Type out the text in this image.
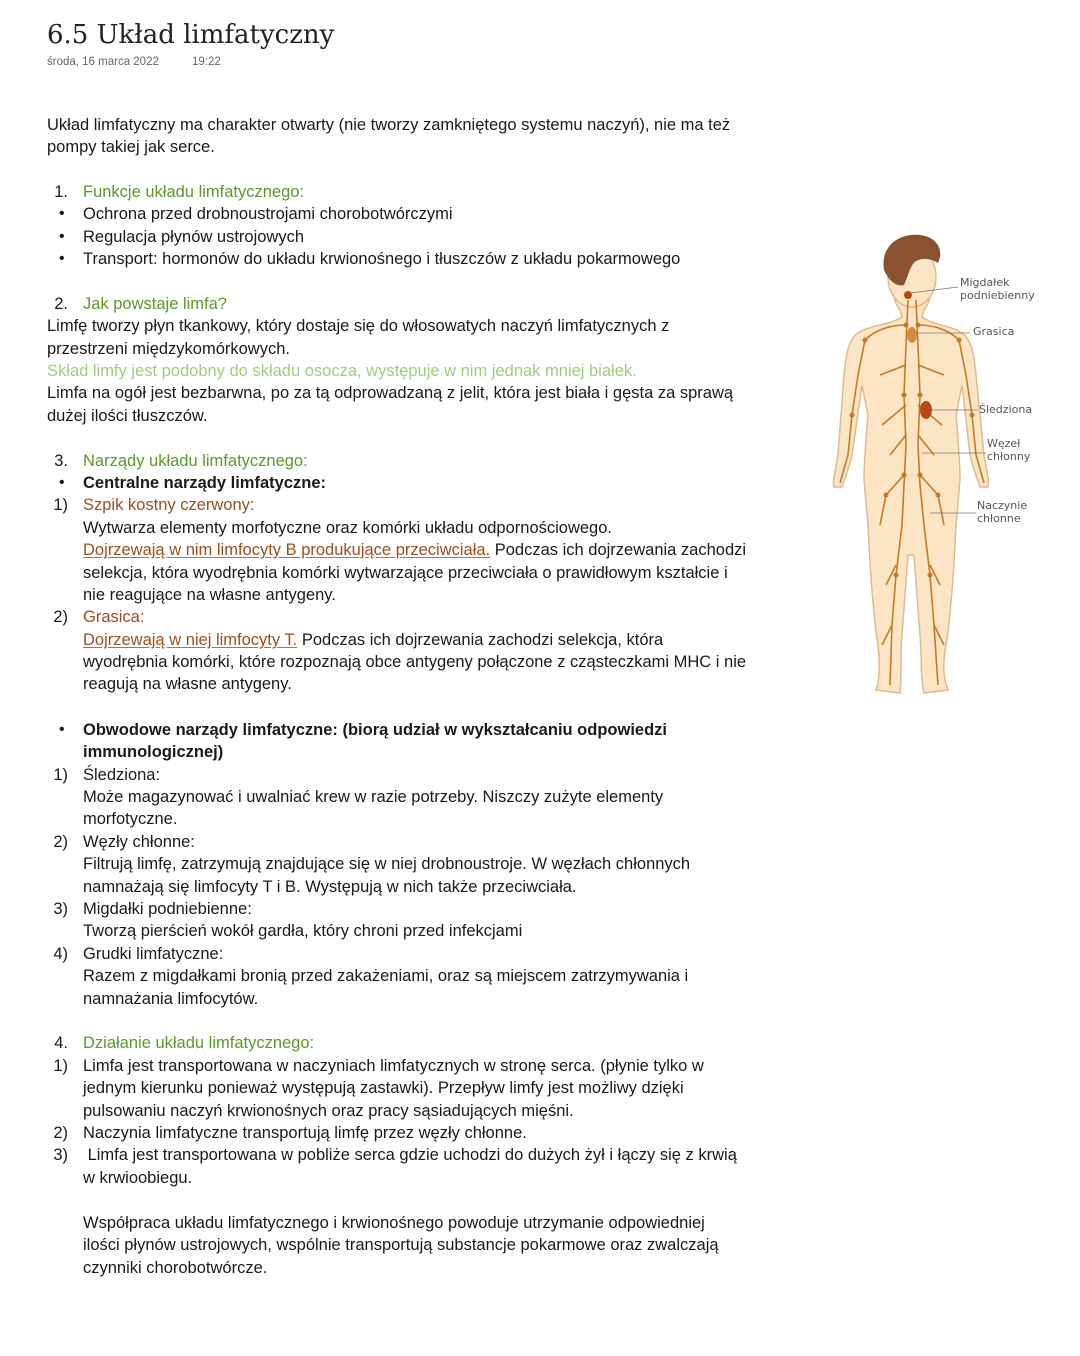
6.5 Układ limfatyczny
środa, 16 marca 2022	19:22
Układ limfatyczny ma charakter otwarty (nie tworzy zamkniętego systemu naczyń), nie ma też
pompy takiej jak serce.
1. Funkcje układu limfatycznego:
• Ochrona przed drobnoustrojami chorobotwórczymi
• Regulacja płynów ustrojowych
• Transport: hormonów do układu krwionośnego i tłuszczów z układu pokarmowego
2. Jak powstaje limfa?
Limfę tworzy płyn tkankowy, który dostaje się do włosowatych naczyń limfatycznych z
przestrzeni międzykomórkowych.
Skład limfy jest podobny do składu osocza, występuje w nim jednak mniej białek.
Limfa na ogół jest bezbarwna, po za tą odprowadzaną z jelit, która jest biała i gęsta za sprawą
dużej ilości tłuszczów.
3. Narządy układu limfatycznego:
• Centralne narządy limfatyczne:
1) Szpik kostny czerwony:
Wytwarza elementy morfotyczne oraz komórki układu odpornościowego.
Dojrzewają w nim limfocyty B produkujące przeciwciała. Podczas ich dojrzewania zachodzi
selekcja, która wyodrębnia komórki wytwarzające przeciwciała o prawidłowym kształcie i
nie reagujące na własne antygeny.
2) Grasica:
Dojrzewają w niej limfocyty T. Podczas ich dojrzewania zachodzi selekcja, która
wyodrębnia komórki, które rozpoznają obce antygeny połączone z cząsteczkami MHC i nie
reagują na własne antygeny.
• Obwodowe narządy limfatyczne: (biorą udział w wykształcaniu odpowiedzi
immunologicznej)
1) Śledziona:
Może magazynować i uwalniać krew w razie potrzeby. Niszczy zużyte elementy
morfotyczne.
2) Węzły chłonne:
Filtrują limfę, zatrzymują znajdujące się w niej drobnoustroje. W węzłach chłonnych
namnażają się limfocyty T i B. Występują w nich także przeciwciała.
3) Migdałki podniebienne:
Tworzą pierścień wokół gardła, który chroni przed infekcjami
4) Grudki limfatyczne:
Razem z migdałkami bronią przed zakażeniami, oraz są miejscem zatrzymywania i
namnażania limfocytów.
4. Działanie układu limfatycznego:
1) Limfa jest transportowana w naczyniach limfatycznych w stronę serca. (płynie tylko w
jednym kierunku ponieważ występują zastawki). Przepływ limfy jest możliwy dzięki
pulsowaniu naczyń krwionośnych oraz pracy sąsiadujących mięśni.
2) Naczynia limfatyczne transportują limfę przez węzły chłonne.
3) Limfa jest transportowana w pobliże serca gdzie uchodzi do dużych żył i łączy się z krwią
w krwioobiegu.
Współpraca układu limfatycznego i krwionośnego powoduje utrzymanie odpowiedniej
ilości płynów ustrojowych, wspólnie transportują substancje pokarmowe oraz zwalczają
czynniki chorobotwórcze.
Migdałek
podniebienny
Grasica
Śledziona
Węzeł
chłonny
Naczynie
chłonne
